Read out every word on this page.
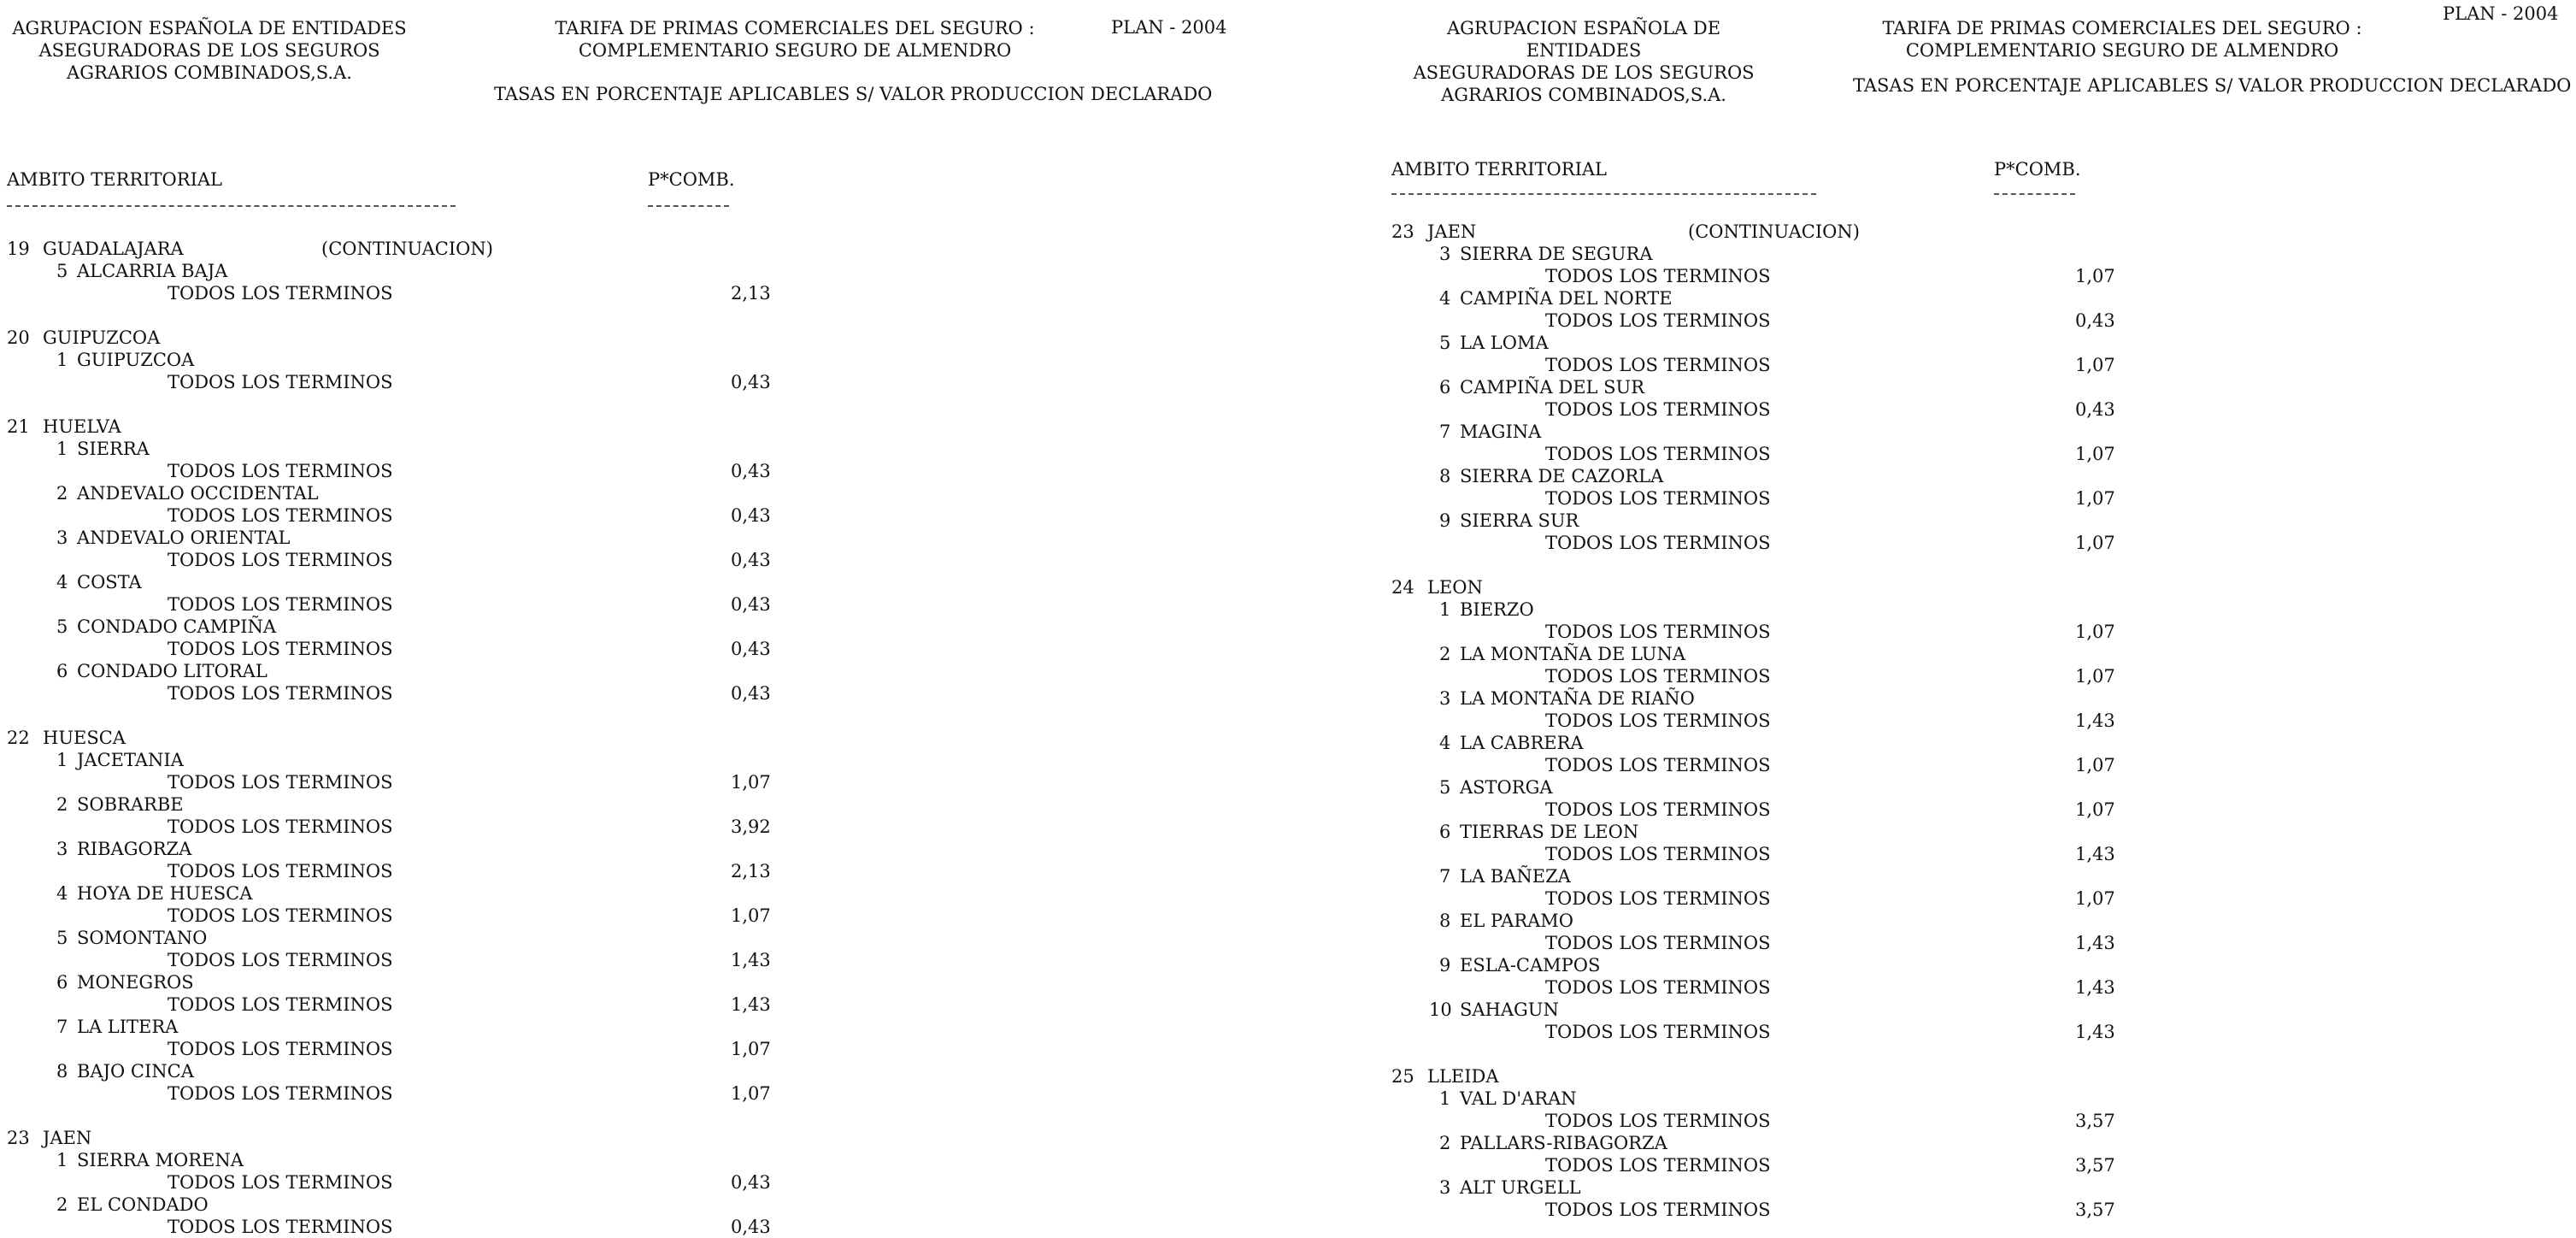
AGRUPACION ESPAÑOLA DE ENTIDADES
ASEGURADORAS DE LOS SEGUROS
AGRARIOS COMBINADOS,S.A.
TARIFA DE PRIMAS COMERCIALES DEL SEGURO :
COMPLEMENTARIO SEGURO DE ALMENDRO
PLAN - 2004
TASAS EN PORCENTAJE APLICABLES S/ VALOR PRODUCCION DECLARADO
AMBITO TERRITORIAL	P*COMB.
19 GUADALAJARA	(CONTINUACION)
5 ALCARRIA BAJA
TODOS LOS TERMINOS	2,13
20 GUIPUZCOA
1 GUIPUZCOA
TODOS LOS TERMINOS	0,43
21 HUELVA
1 SIERRA
TODOS LOS TERMINOS	0,43
2 ANDEVALO OCCIDENTAL
TODOS LOS TERMINOS	0,43
3 ANDEVALO ORIENTAL
TODOS LOS TERMINOS	0,43
4 COSTA
TODOS LOS TERMINOS	0,43
5 CONDADO CAMPIÑA
TODOS LOS TERMINOS	0,43
6 CONDADO LITORAL
TODOS LOS TERMINOS	0,43
22 HUESCA
1 JACETANIA
TODOS LOS TERMINOS	1,07
2 SOBRARBE
TODOS LOS TERMINOS	3,92
3 RIBAGORZA
TODOS LOS TERMINOS	2,13
4 HOYA DE HUESCA
TODOS LOS TERMINOS	1,07
5 SOMONTANO
TODOS LOS TERMINOS	1,43
6 MONEGROS
TODOS LOS TERMINOS	1,43
7 LA LITERA
TODOS LOS TERMINOS	1,07
8 BAJO CINCA
TODOS LOS TERMINOS	1,07
23 JAEN
1 SIERRA MORENA
TODOS LOS TERMINOS	0,43
2 EL CONDADO
TODOS LOS TERMINOS	0,43
AGRUPACION ESPAÑOLA DE ENTIDADES
ASEGURADORAS DE LOS SEGUROS
AGRARIOS COMBINADOS,S.A.
TARIFA DE PRIMAS COMERCIALES DEL SEGURO :
COMPLEMENTARIO SEGURO DE ALMENDRO
PLAN - 2004
TASAS EN PORCENTAJE APLICABLES S/ VALOR PRODUCCION DECLARADO
AMBITO TERRITORIAL	P*COMB.
23 JAEN	(CONTINUACION)
3 SIERRA DE SEGURA
TODOS LOS TERMINOS	1,07
4 CAMPIÑA DEL NORTE
TODOS LOS TERMINOS	0,43
5 LA LOMA
TODOS LOS TERMINOS	1,07
6 CAMPIÑA DEL SUR
TODOS LOS TERMINOS	0,43
7 MAGINA
TODOS LOS TERMINOS	1,07
8 SIERRA DE CAZORLA
TODOS LOS TERMINOS	1,07
9 SIERRA SUR
TODOS LOS TERMINOS	1,07
24 LEON
1 BIERZO
TODOS LOS TERMINOS	1,07
2 LA MONTAÑA DE LUNA
TODOS LOS TERMINOS	1,07
3 LA MONTAÑA DE RIAÑO
TODOS LOS TERMINOS	1,43
4 LA CABRERA
TODOS LOS TERMINOS	1,07
5 ASTORGA
TODOS LOS TERMINOS	1,07
6 TIERRAS DE LEON
TODOS LOS TERMINOS	1,43
7 LA BAÑEZA
TODOS LOS TERMINOS	1,07
8 EL PARAMO
TODOS LOS TERMINOS	1,43
9 ESLA-CAMPOS
TODOS LOS TERMINOS	1,43
10 SAHAGUN
TODOS LOS TERMINOS	1,43
25 LLEIDA
1 VAL D'ARAN
TODOS LOS TERMINOS	3,57
2 PALLARS-RIBAGORZA
TODOS LOS TERMINOS	3,57
3 ALT URGELL
TODOS LOS TERMINOS	3,57
